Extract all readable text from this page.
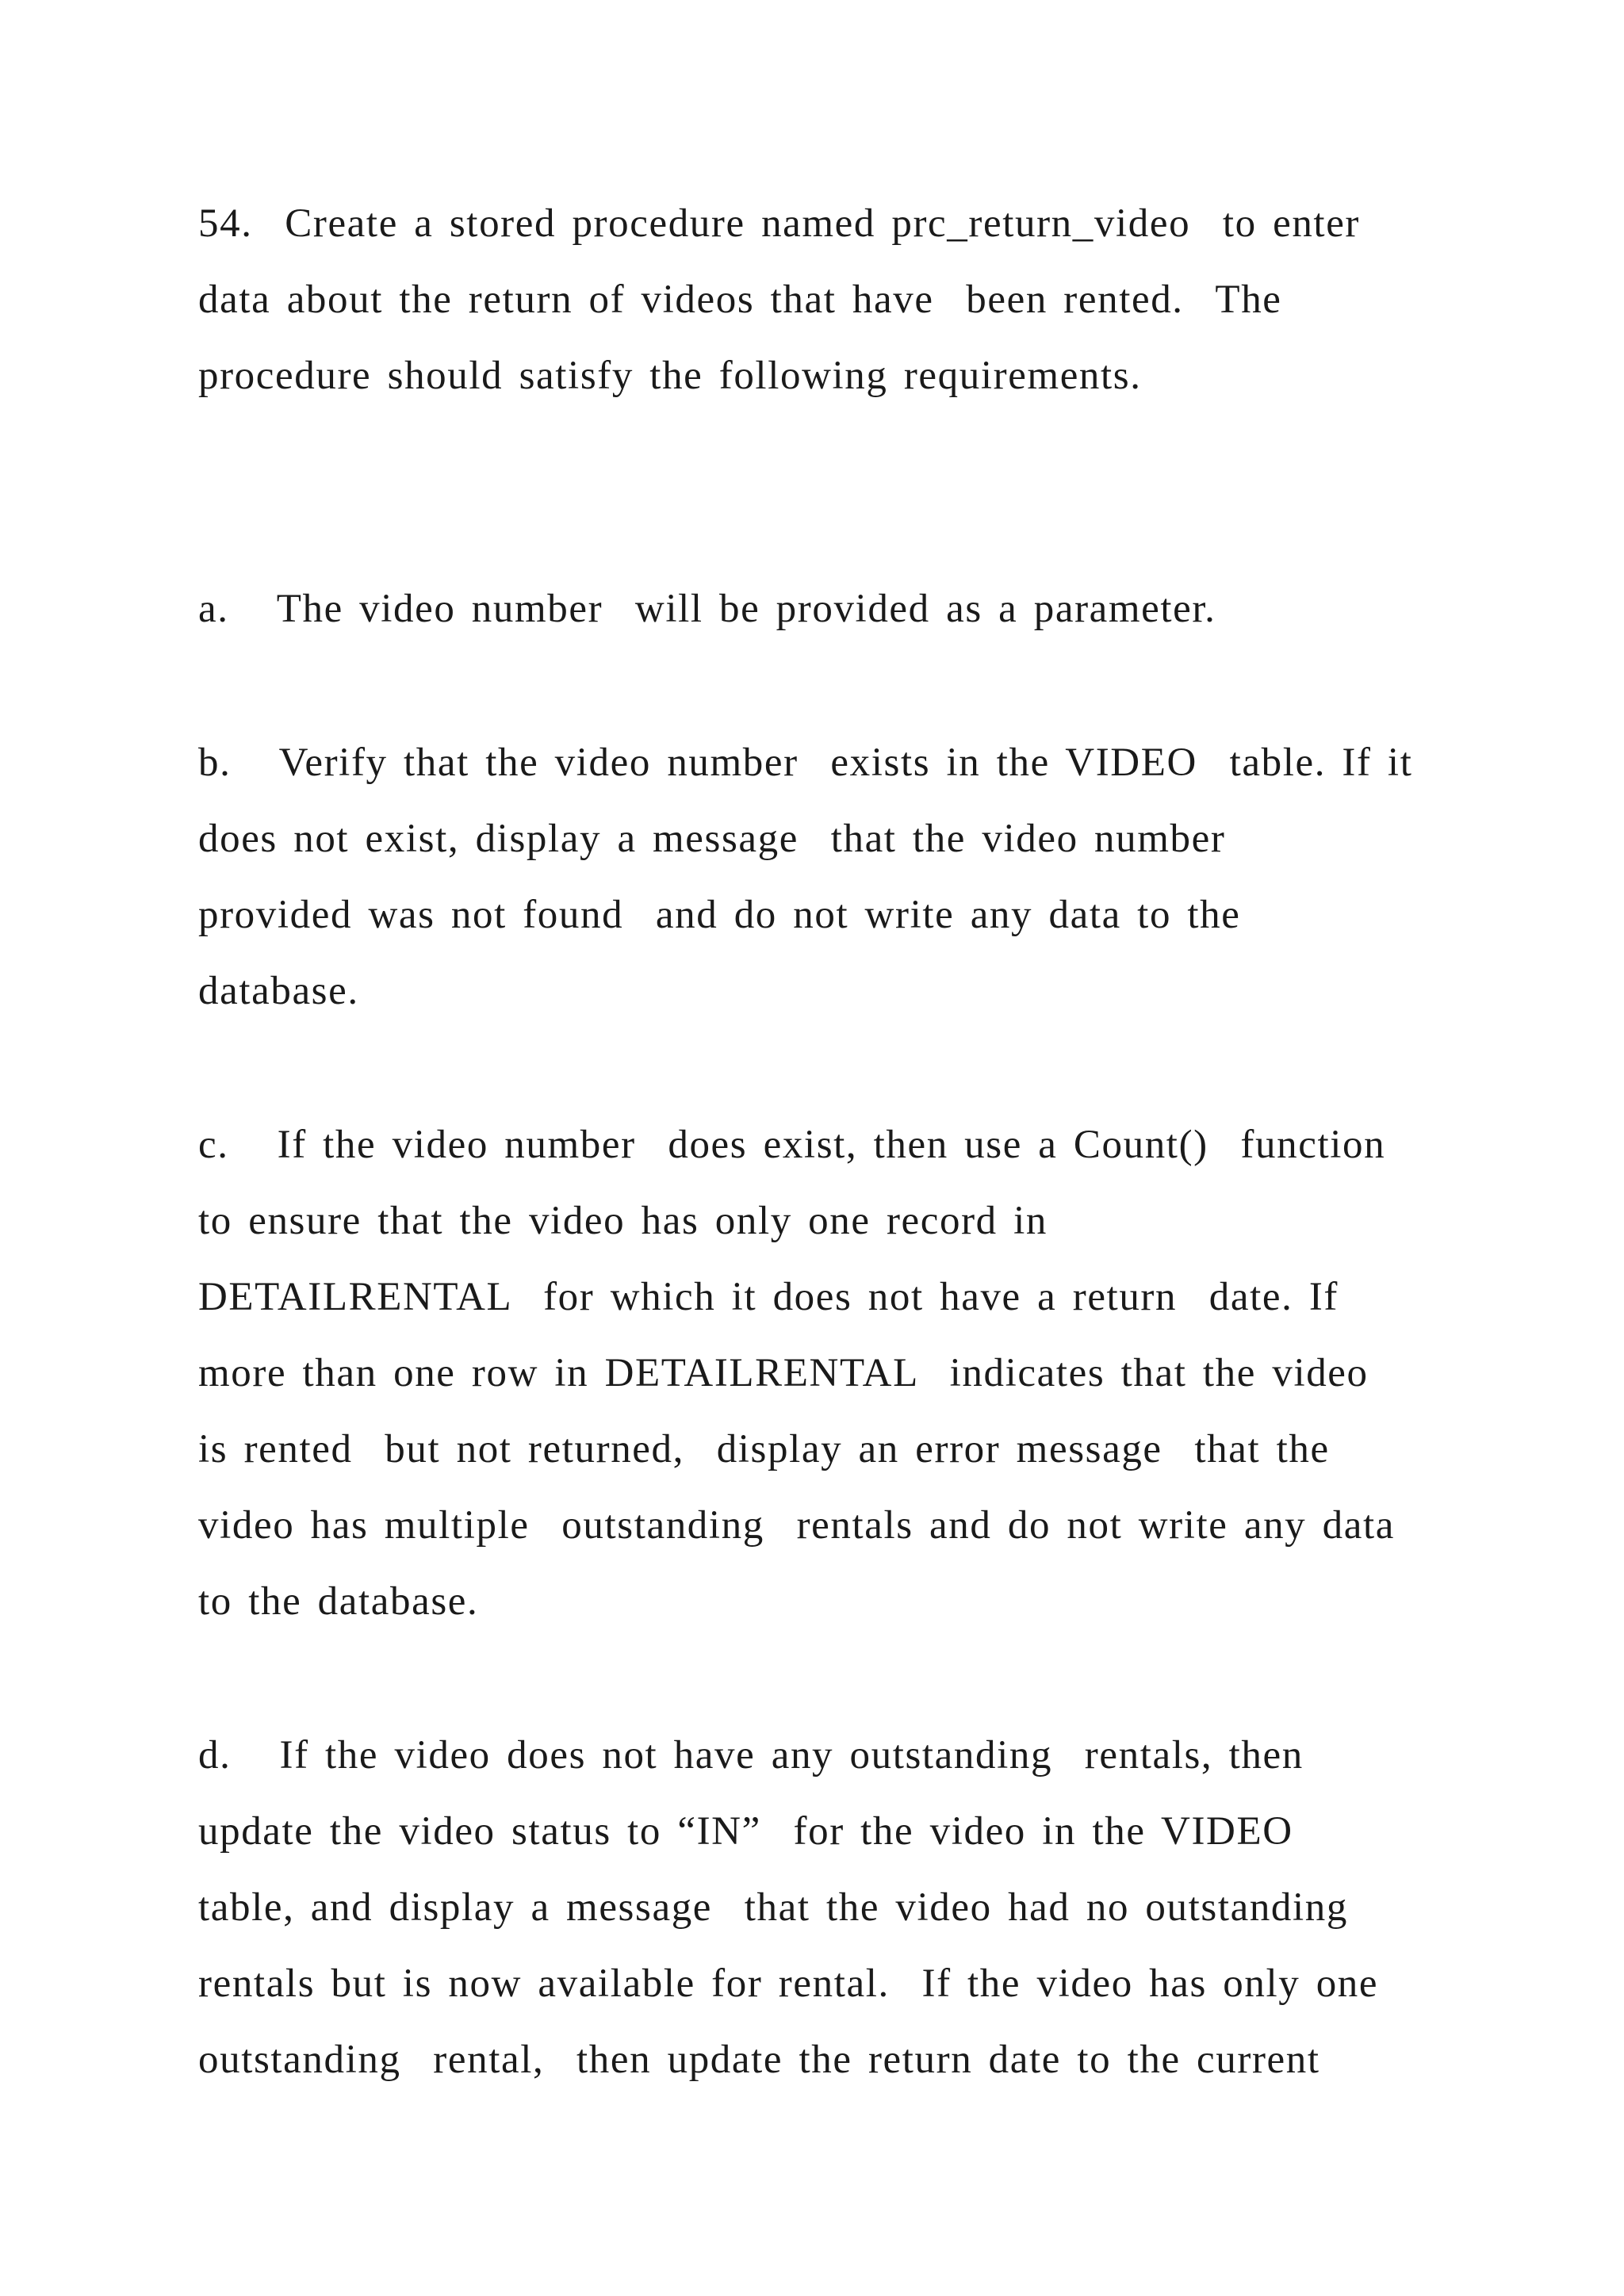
54.  Create a stored procedure named prc_return_video  to enter
data about the return of videos that have  been rented.  The
procedure should satisfy the following requirements.
a.   The video number  will be provided as a parameter.
b.   Verify that the video number  exists in the VIDEO  table. If it
does not exist, display a message  that the video number
provided was not found  and do not write any data to the
database.
c.   If the video number  does exist, then use a Count()  function
to ensure that the video has only one record in
DETAILRENTAL  for which it does not have a return  date. If
more than one row in DETAILRENTAL  indicates that the video
is rented  but not returned,  display an error message  that the
video has multiple  outstanding  rentals and do not write any data
to the database.
d.   If the video does not have any outstanding  rentals, then
update the video status to “IN”  for the video in the VIDEO
table, and display a message  that the video had no outstanding
rentals but is now available for rental.  If the video has only one
outstanding  rental,  then update the return date to the current
